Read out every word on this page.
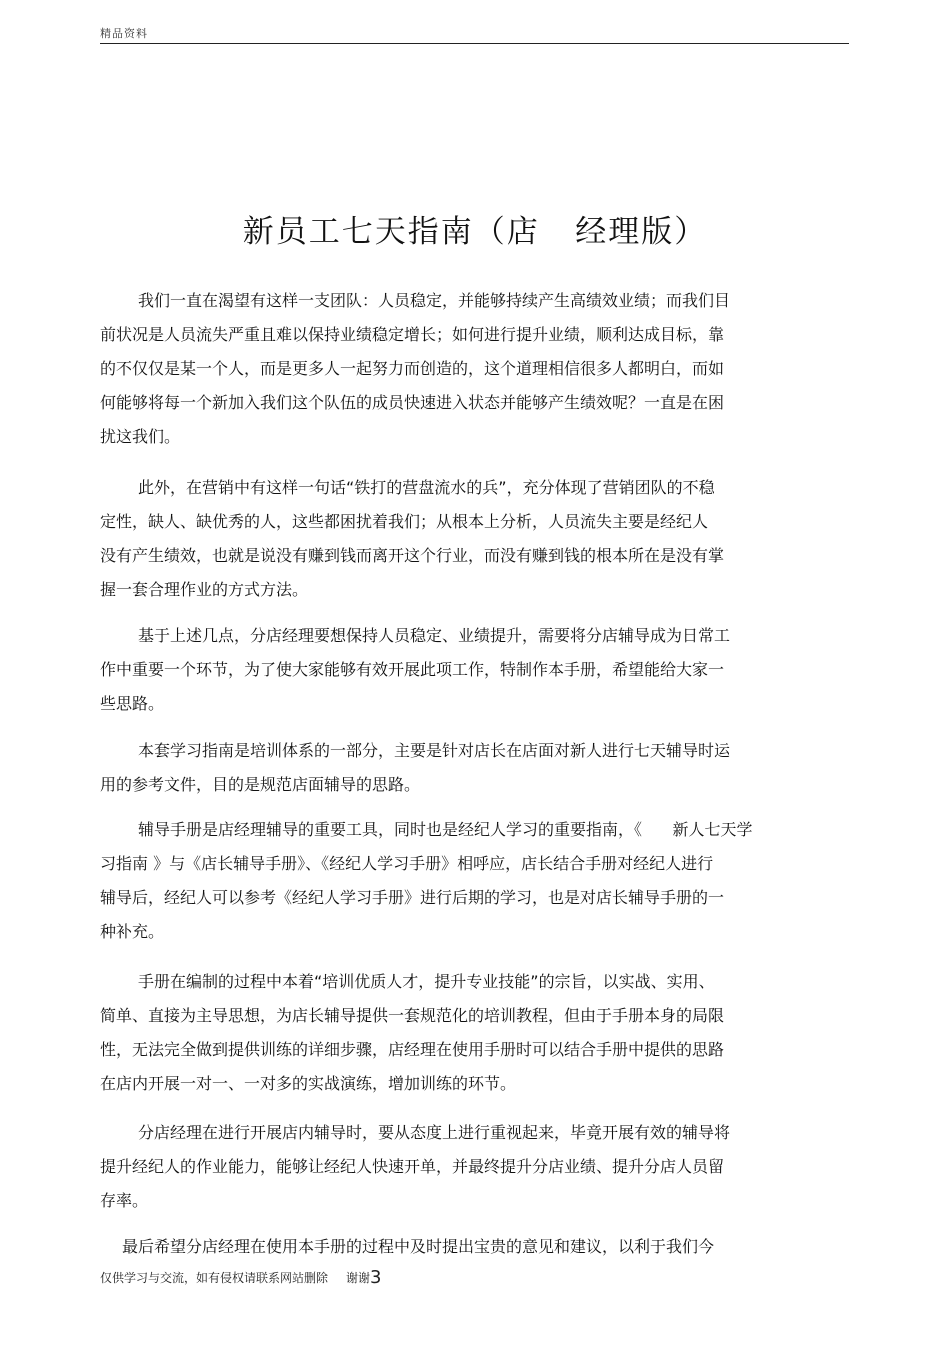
精品资料
新员工七天指南（店   经理版）
我们一直在渴望有这样一支团队：人员稳定，并能够持续产生高绩效业绩；而我们目
前状况是人员流失严重且难以保持业绩稳定增长；如何进行提升业绩，顺利达成目标，靠
的不仅仅是某一个人，而是更多人一起努力而创造的，这个道理相信很多人都明白，而如
何能够将每一个新加入我们这个队伍的成员快速进入状态并能够产生绩效呢？一直是在困
扰这我们。
此外，在营销中有这样一句话“铁打的营盘流水的兵”，充分体现了营销团队的不稳
定性，缺人、缺优秀的人，这些都困扰着我们；从根本上分析，人员流失主要是经纪人
没有产生绩效，也就是说没有赚到钱而离开这个行业，而没有赚到钱的根本所在是没有掌
握一套合理作业的方式方法。
基于上述几点，分店经理要想保持人员稳定、业绩提升，需要将分店辅导成为日常工
作中重要一个环节，为了使大家能够有效开展此项工作，特制作本手册，希望能给大家一
些思路。
本套学习指南是培训体系的一部分，主要是针对店长在店面对新人进行七天辅导时运
用的参考文件，目的是规范店面辅导的思路。
辅导手册是店经理辅导的重要工具，同时也是经纪人学习的重要指南，《      新人七天学
习指南 》与《店长辅导手册》、《经纪人学习手册》相呼应，店长结合手册对经纪人进行
辅导后，经纪人可以参考《经纪人学习手册》进行后期的学习，也是对店长辅导手册的一
种补充。
手册在编制的过程中本着“培训优质人才，提升专业技能”的宗旨，以实战、实用、
简单、直接为主导思想，为店长辅导提供一套规范化的培训教程，但由于手册本身的局限
性，无法完全做到提供训练的详细步骤，店经理在使用手册时可以结合手册中提供的思路
在店内开展一对一、一对多的实战演练，增加训练的环节。
分店经理在进行开展店内辅导时，要从态度上进行重视起来，毕竟开展有效的辅导将
提升经纪人的作业能力，能够让经纪人快速开单，并最终提升分店业绩、提升分店人员留
存率。
最后希望分店经理在使用本手册的过程中及时提出宝贵的意见和建议，以利于我们今
仅供学习与交流，如有侵权请联系网站删除 谢谢3
